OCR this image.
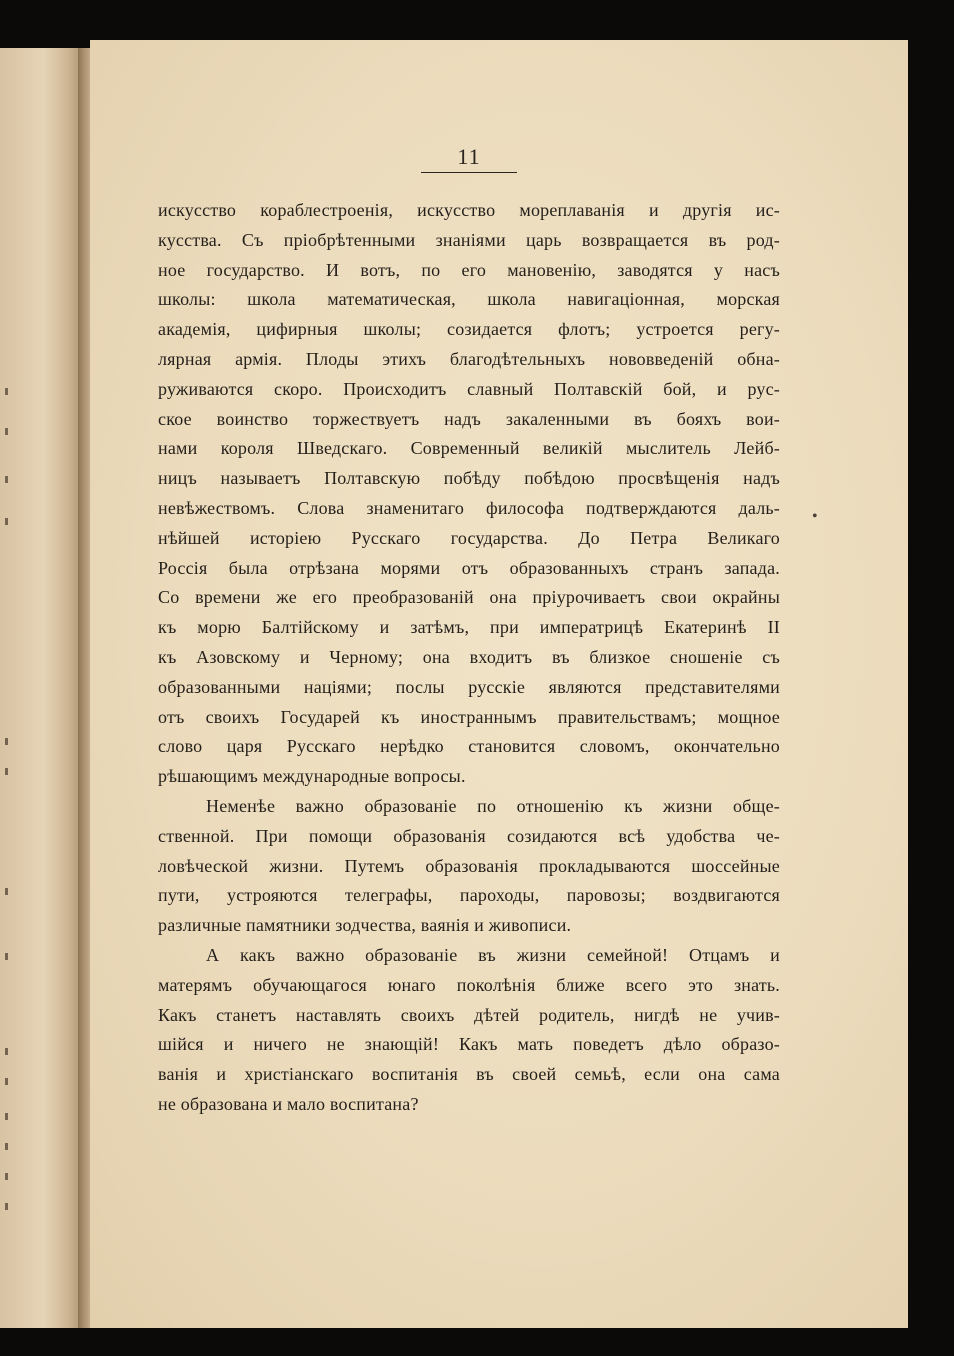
11
искусство кораблестроенія, искусство мореплаванія и другія ис-
кусства. Съ пріобрѣтенными знаніями царь возвращается въ род-
ное государство. И вотъ, по его мановенію, заводятся у насъ
школы: школа математическая, школа навигаціонная, морская
академія, цифирныя школы; созидается флотъ; устроется регу-
лярная армія. Плоды этихъ благодѣтельныхъ нововведеній обна-
руживаются скоро. Происходитъ славный Полтавскій бой, и рус-
ское воинство торжествуетъ надъ закаленными въ бояхъ вои-
нами короля Шведскаго. Современный великій мыслитель Лейб-
ницъ называетъ Полтавскую побѣду побѣдою просвѣщенія надъ
невѣжествомъ. Слова знаменитаго философа подтверждаются даль-
нѣйшей исторіею Русскаго государства. До Петра Великаго
Россія была отрѣзана морями отъ образованныхъ странъ запада.
Со времени же его преобразованій она пріурочиваетъ свои окрайны
къ морю Балтійскому и затѣмъ, при императрицѣ Екатеринѣ II
къ Азовскому и Черному; она входитъ въ близкое сношеніе съ
образованными націями; послы русскіе являются представителями
отъ своихъ Государей къ иностраннымъ правительствамъ; мощное
слово царя Русскаго нерѣдко становится словомъ, окончательно
рѣшающимъ международные вопросы.
Неменѣе важно образованіе по отношенію къ жизни обще-
ственной. При помощи образованія созидаются всѣ удобства че-
ловѣческой жизни. Путемъ образованія прокладываются шоссейные
пути, устрояются телеграфы, пароходы, паровозы; воздвигаются
различные памятники зодчества, ваянія и живописи.
А какъ важно образованіе въ жизни семейной! Отцамъ и
матерямъ обучающагося юнаго поколѣнія ближе всего это знать.
Какъ станетъ наставлять своихъ дѣтей родитель, нигдѣ не учив-
шійся и ничего не знающій! Какъ мать поведетъ дѣло образо-
ванія и христіанскаго воспитанія въ своей семьѣ, если она сама
не образована и мало воспитана?
•
